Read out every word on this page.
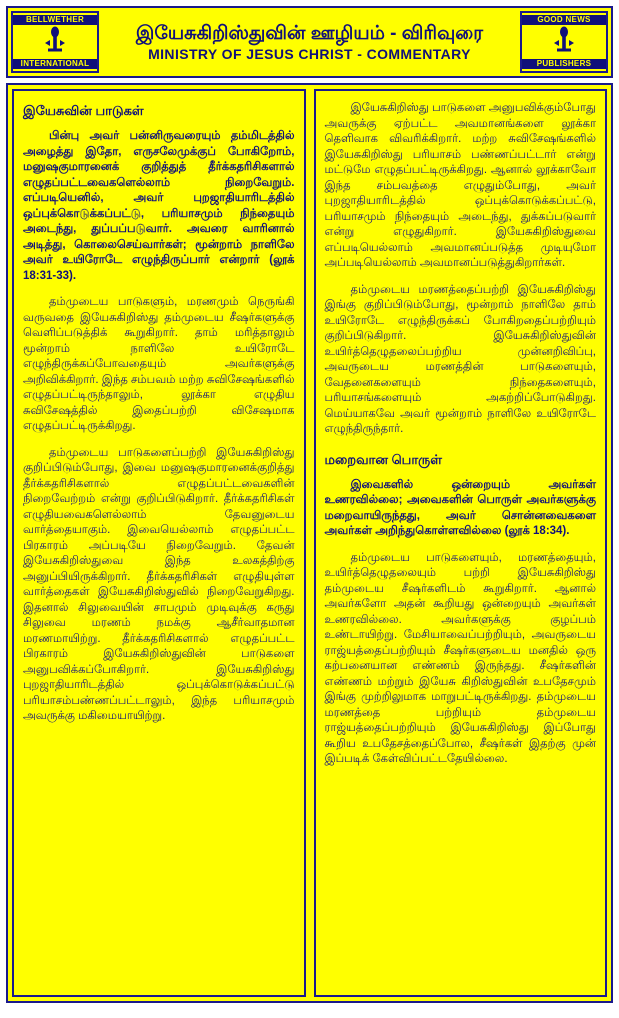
BELLWETHER
INTERNATIONAL
இயேசுகிறிஸ்துவின் ஊழியம் - விரிவுரை
MINISTRY OF JESUS CHRIST - COMMENTARY
GOOD NEWS
PUBLISHERS
இயேசுவின் பாடுகள்

பின்பு அவர் பன்னிருவரையும் தம்மிடத்தில் அழைத்து இதோ, எருசலேமுக்குப் போகிறோம், மனுஷகுமாரனைக் குறித்துத் தீர்க்கதரிசிகளால் எழுதப்பட்டவைகளெல்லாம் நிறைவேறும். எப்படியெனில், அவர் புறஜாதியாரிடத்தில் ஒப்புக்கொடுக்கப்பட்டு, பரியாசமும் நிந்தையும் அடைந்து, துப்பப்படுவார். அவரை வாரினால் அடித்து, கொலைசெய்வார்கள்; மூன்றாம் நாளிலே அவர் உயிரோடே எழுந்திருப்பார் என்றார் (லூக் 18:31-33).

தம்முடைய பாடுகளும், மரணமும் நெருங்கி வருவதை இயேசுகிறிஸ்து தம்முடைய சீஷர்களுக்கு வெளிப்படுத்திக் கூறுகிறார். தாம் மரித்தாலும் மூன்றாம் நாளிலே உயிரோடே எழுந்திருக்கப்போவதையும் அவர்களுக்கு அறிவிக்கிறார். இந்த சம்பவம் மற்ற சுவிசேஷங்களில் எழுதப்பட்டிருந்தாலும், லூக்கா எழுதிய சுவிசேஷத்தில் இதைப்பற்றி விசேஷமாக எழுதப்பட்டிருக்கிறது.

தம்முடைய பாடுகளைப்பற்றி இயேசுகிறிஸ்து குறிப்பிடும்போது, இவை மனுஷகுமாரனைக்குறித்து தீர்க்கதரிசிகளால் எழுதப்பட்டவைகளின் நிறைவேற்றம் என்று குறிப்பிடுகிறார். தீர்க்கதரிசிகள் எழுதியவைகளெல்லாம் தேவனுடைய வார்த்தையாகும். இவையெல்லாம் எழுதப்பட்ட பிரகாரம் அப்படியே நிறைவேறும். தேவன் இயேசுகிறிஸ்துவை இந்த உலகத்திற்கு அனுப்பியிருக்கிறார். தீர்க்கதரிசிகள் எழுதியுள்ள வார்த்தைகள் இயேசுகிறிஸ்துவில் நிறைவேறுகிறது. இதனால் சிலுவையின் சாபமும் முடிவுக்கு கருது சிலுவை மரணம் நமக்கு ஆசீர்வாதமான மரணமாயிற்று. தீர்க்கதரிசிகளால் எழுதப்பட்ட பிரகாரம் இயேசுகிறிஸ்துவின் பாடுகளை அனுபவிக்கப்போகிறார். இயேசுகிறிஸ்து புறஜாதியாரிடத்தில் ஒப்புக்கொடுக்கப்பட்டு பரியாசம்பண்ணப்பட்டாலும், இந்த பரியாசமும் அவருக்கு மகிமையாயிற்று.

இயேசுகிறிஸ்து பாடுகளை அனுபவிக்கும்போது அவருக்கு ஏற்பட்ட அவமானங்களை லூக்கா தெளிவாக விவரிக்கிறார். மற்ற சுவிசேஷங்களில் இயேசுகிறிஸ்து பரியாசம் பண்ணப்பட்டார் என்று மட்டுமே எழுதப்பட்டிருக்கிறது. ஆனால் லூக்காவோ இந்த சம்பவத்தை எழுதும்போது, அவர் புறஜாதியாரிடத்தில் ஒப்புக்கொடுக்கப்பட்டு, பரியாசமும் நிந்தையும் அடைந்து, துக்கப்படுவார் என்று எழுதுகிறார். இயேசுகிறிஸ்துவை எப்படியெல்லாம் அவமானப்படுத்த முடியுமோ அப்படியெல்லாம் அவமானப்படுத்துகிறார்கள்.

தம்முடைய மரணத்தைப்பற்றி இயேசுகிறிஸ்து இங்கு குறிப்பிடும்போது, மூன்றாம் நாளிலே தாம் உயிரோடே எழுந்திருக்கப் போகிறதைப்பற்றியும் குறிப்பிடுகிறார். இயேசுகிறிஸ்துவின் உயிர்த்தெழுதலைப்பற்றிய முன்னறிவிப்பு, அவருடைய மரணத்தின் பாடுகளையும், வேதனைகளையும் நிந்தைகளையும், பரியாசங்களையும் அகற்றிப்போடுகிறது. மெய்யாகவே அவர் மூன்றாம் நாளிலே உயிரோடே எழுந்திருந்தார்.

மறைவான பொருள்

இவைகளில் ஒன்றையும் அவர்கள் உணரவில்லை; அவைகளின் பொருள் அவர்களுக்கு மறைவாயிருந்தது, அவர் சொன்னவைகளை அவர்கள் அறிந்துகொள்ளவில்லை (லூக் 18:34).

தம்முடைய பாடுகளையும், மரணத்தையும், உயிர்த்தெழுதலையும் பற்றி இயேசுகிறிஸ்து தம்முடைய சீஷர்களிடம் கூறுகிறார். ஆனால் அவர்களோ அதன் கூறியது ஒன்றையும் அவர்கள் உணரவில்லை. அவர்களுக்கு குழப்பம் உண்டாயிற்று. மேசியாவைப்பற்றியும், அவருடைய ராஜ்யத்தைப்பற்றியும் சீஷர்களுடைய மனதில் ஒரு கற்பனையான எண்ணம் இருந்தது. சீஷர்களின் எண்ணம் மற்றும் இயேசு கிறிஸ்துவின் உபதேசமும் இங்கு முற்றிலுமாக மாறுபட்டிருக்கிறது. தம்முடைய மரணத்தை பற்றியும் தம்முடைய ராஜ்யத்தைப்பற்றியும் இயேசுகிறிஸ்து இப்போது கூறிய உபதேசத்தைப்போல, சீஷர்கள் இதற்கு முன் இப்படிக் கேள்விப்பட்டதேயில்லை.
